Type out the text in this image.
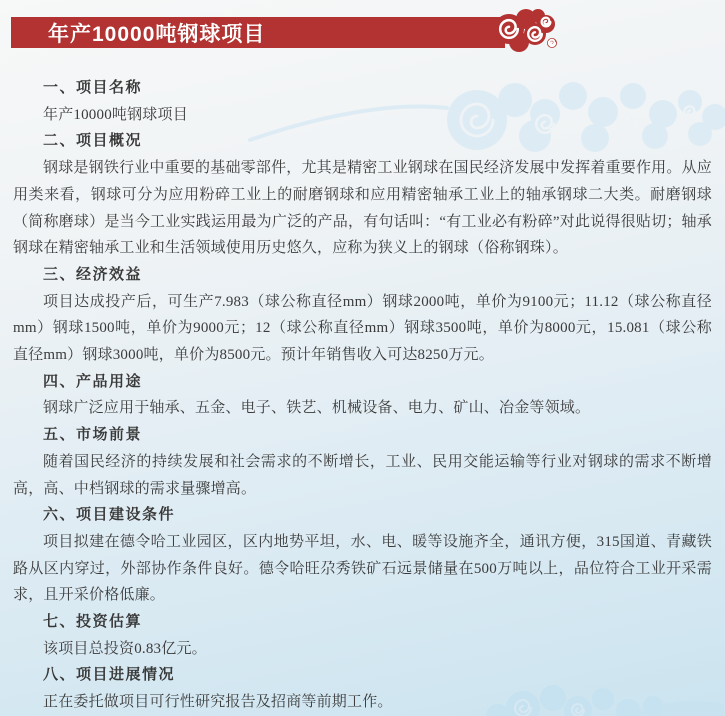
年产10000吨钢球项目
一、项目名称
年产10000吨钢球项目
二、项目概况
钢球是钢铁行业中重要的基础零部件，尤其是精密工业钢球在国民经济发展中发挥着重要作用。从应用类来看，钢球可分为应用粉碎工业上的耐磨钢球和应用精密轴承工业上的轴承钢球二大类。耐磨钢球（简称磨球）是当今工业实践运用最为广泛的产品，有句话叫：“有工业必有粉碎”对此说得很贴切；轴承钢球在精密轴承工业和生活领域使用历史悠久，应称为狭义上的钢球（俗称钢珠）。
三、经济效益
项目达成投产后，可生产7.983（球公称直径mm）钢球2000吨，单价为9100元；11.12（球公称直径mm）钢球1500吨，单价为9000元；12（球公称直径mm）钢球3500吨，单价为8000元，15.081（球公称直径mm）钢球3000吨，单价为8500元。预计年销售收入可达8250万元。
四、产品用途
钢球广泛应用于轴承、五金、电子、铁艺、机械设备、电力、矿山、冶金等领域。
五、市场前景
随着国民经济的持续发展和社会需求的不断增长，工业、民用交能运输等行业对钢球的需求不断增高，高、中档钢球的需求量骤增高。
六、项目建设条件
项目拟建在德令哈工业园区，区内地势平坦，水、电、暖等设施齐全，通讯方便，315国道、青藏铁路从区内穿过，外部协作条件良好。德令哈旺尕秀铁矿石远景储量在500万吨以上，品位符合工业开采需求，且开采价格低廉。
七、投资估算
该项目总投资0.83亿元。
八、项目进展情况
正在委托做项目可行性研究报告及招商等前期工作。
